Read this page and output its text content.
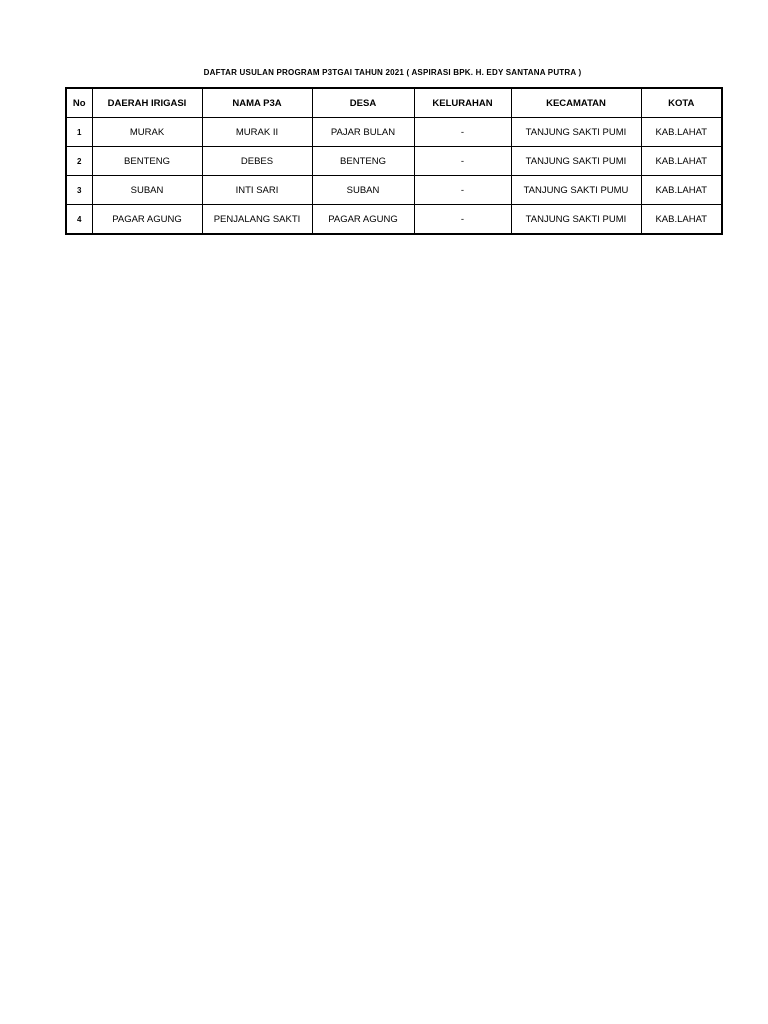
DAFTAR USULAN PROGRAM P3TGAI TAHUN 2021 ( ASPIRASI BPK. H. EDY SANTANA PUTRA )
No	DAERAH IRIGASI	NAMA P3A	DESA	KELURAHAN	KECAMATAN	KOTA
1	MURAK	MURAK II	PAJAR BULAN	-	TANJUNG SAKTI PUMI	KAB.LAHAT
2	BENTENG	DEBES	BENTENG	-	TANJUNG SAKTI PUMI	KAB.LAHAT
3	SUBAN	INTI SARI	SUBAN	-	TANJUNG SAKTI PUMU	KAB.LAHAT
4	PAGAR AGUNG	PENJALANG SAKTI	PAGAR AGUNG	-	TANJUNG SAKTI PUMI	KAB.LAHAT
